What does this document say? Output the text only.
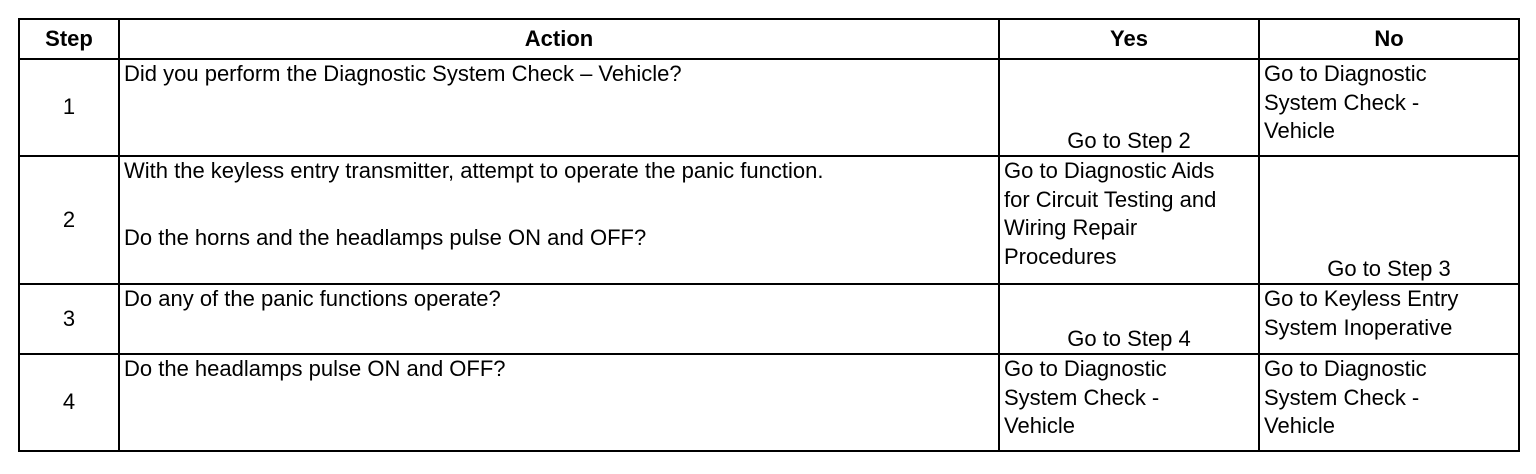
Step	Action	Yes	No
1	Did you perform the Diagnostic System Check – Vehicle?	Go to Step 2	Go to Diagnostic
System Check -
Vehicle

2	With the keyless entry transmitter, attempt to operate the panic function.
Do the horns and the headlamps pulse ON and OFF?	Go to Diagnostic Aids
for Circuit Testing and
Wiring Repair
Procedures	Go to Step 3

3	Do any of the panic functions operate?	Go to Step 4	Go to Keyless Entry
System Inoperative

4	Do the headlamps pulse ON and OFF?	Go to Diagnostic
System Check -
Vehicle	Go to Diagnostic
System Check -
Vehicle
